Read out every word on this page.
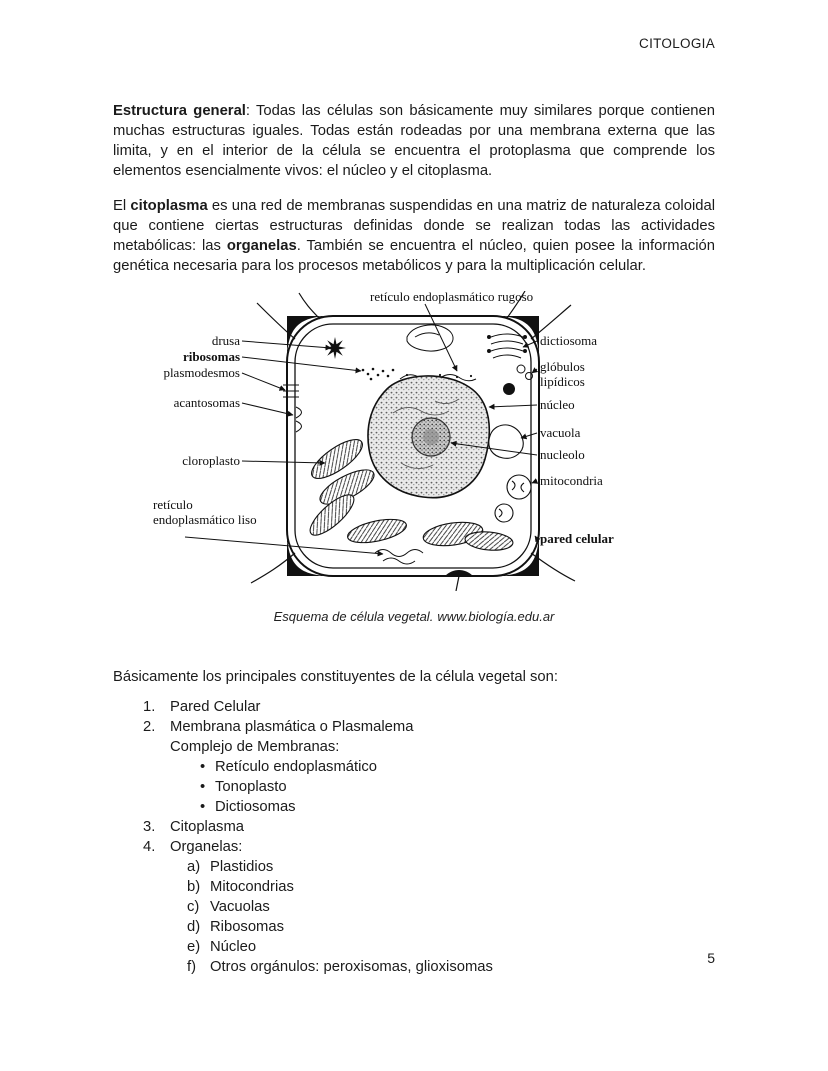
CITOLOGIA

Estructura general: Todas las células son básicamente muy similares porque contienen muchas estructuras iguales. Todas están rodeadas por una membrana externa que las limita, y en el interior de la célula se encuentra el protoplasma que comprende los elementos esencialmente vivos: el núcleo y el citoplasma.

El citoplasma es una red de membranas suspendidas en una matriz de naturaleza coloidal que contiene ciertas estructuras definidas donde se realizan todas las actividades metabólicas: las organelas. También se encuentra el núcleo, quien posee la información genética necesaria para los procesos metabólicos y para la multiplicación celular.

retículo endoplasmático rugoso
drusa
ribosomas
plasmodesmos
acantosomas
cloroplasto
retículo endoplasmático liso
dictiosoma
glóbulos lipídicos
núcleo
vacuola
nucleolo
mitocondria
pared celular
Esquema de célula vegetal. www.biología.edu.ar
Básicamente los principales constituyentes de la célula vegetal son:
1. Pared Celular
2. Membrana plasmática o Plasmalema
Complejo de Membranas:
• Retículo endoplasmático
• Tonoplasto
• Dictiosomas
3. Citoplasma
4. Organelas:
a) Plastidios
b) Mitocondrias
c) Vacuolas
d) Ribosomas
e) Núcleo
f) Otros orgánulos: peroxisomas, glioxisomas
5
